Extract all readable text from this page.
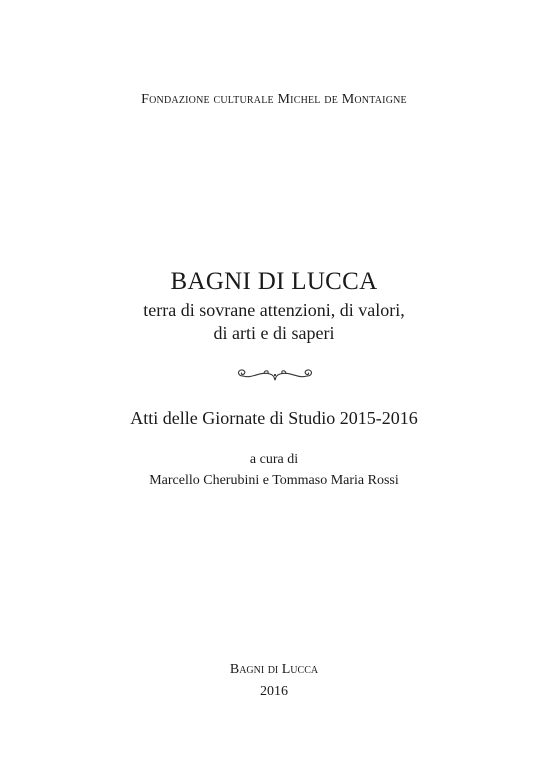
Fondazione culturale Michel de Montaigne
BAGNI DI LUCCA
terra di sovrane attenzioni, di valori,
di arti e di saperi
Atti delle Giornate di Studio 2015-2016
a cura di
Marcello Cherubini e Tommaso Maria Rossi
Bagni di Lucca
2016
